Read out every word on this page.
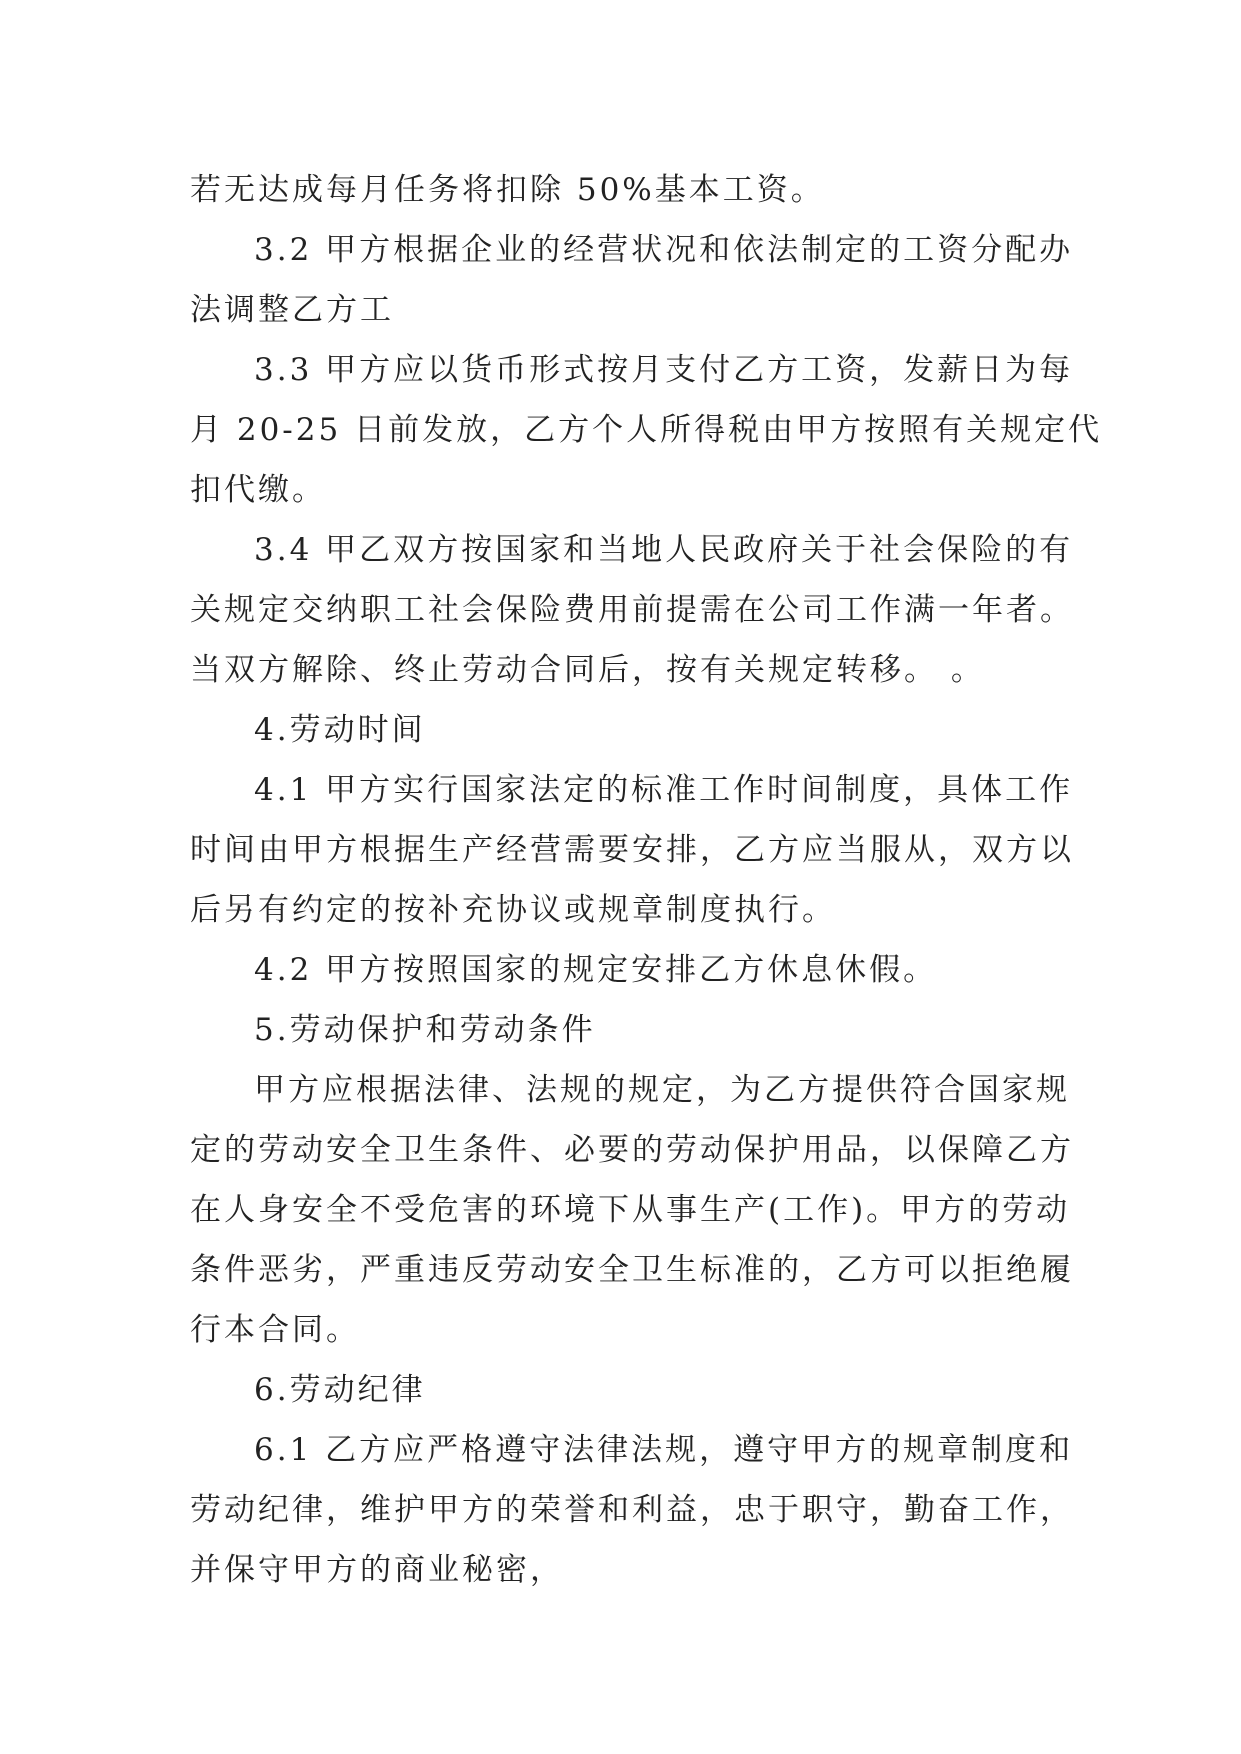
若无达成每月任务将扣除 50%基本工资。
3.2 甲方根据企业的经营状况和依法制定的工资分配办
法调整乙方工
3.3 甲方应以货币形式按月支付乙方工资，发薪日为每
月 20-25 日前发放，乙方个人所得税由甲方按照有关规定代
扣代缴。
3.4 甲乙双方按国家和当地人民政府关于社会保险的有
关规定交纳职工社会保险费用前提需在公司工作满一年者。
当双方解除、终止劳动合同后，按有关规定转移。 。
4.劳动时间
4.1 甲方实行国家法定的标准工作时间制度，具体工作
时间由甲方根据生产经营需要安排，乙方应当服从，双方以
后另有约定的按补充协议或规章制度执行。
4.2 甲方按照国家的规定安排乙方休息休假。
5.劳动保护和劳动条件
甲方应根据法律、法规的规定，为乙方提供符合国家规
定的劳动安全卫生条件、必要的劳动保护用品，以保障乙方
在人身安全不受危害的环境下从事生产(工作)。甲方的劳动
条件恶劣，严重违反劳动安全卫生标准的，乙方可以拒绝履
行本合同。
6.劳动纪律
6.1 乙方应严格遵守法律法规，遵守甲方的规章制度和
劳动纪律，维护甲方的荣誉和利益，忠于职守，勤奋工作，
并保守甲方的商业秘密，
